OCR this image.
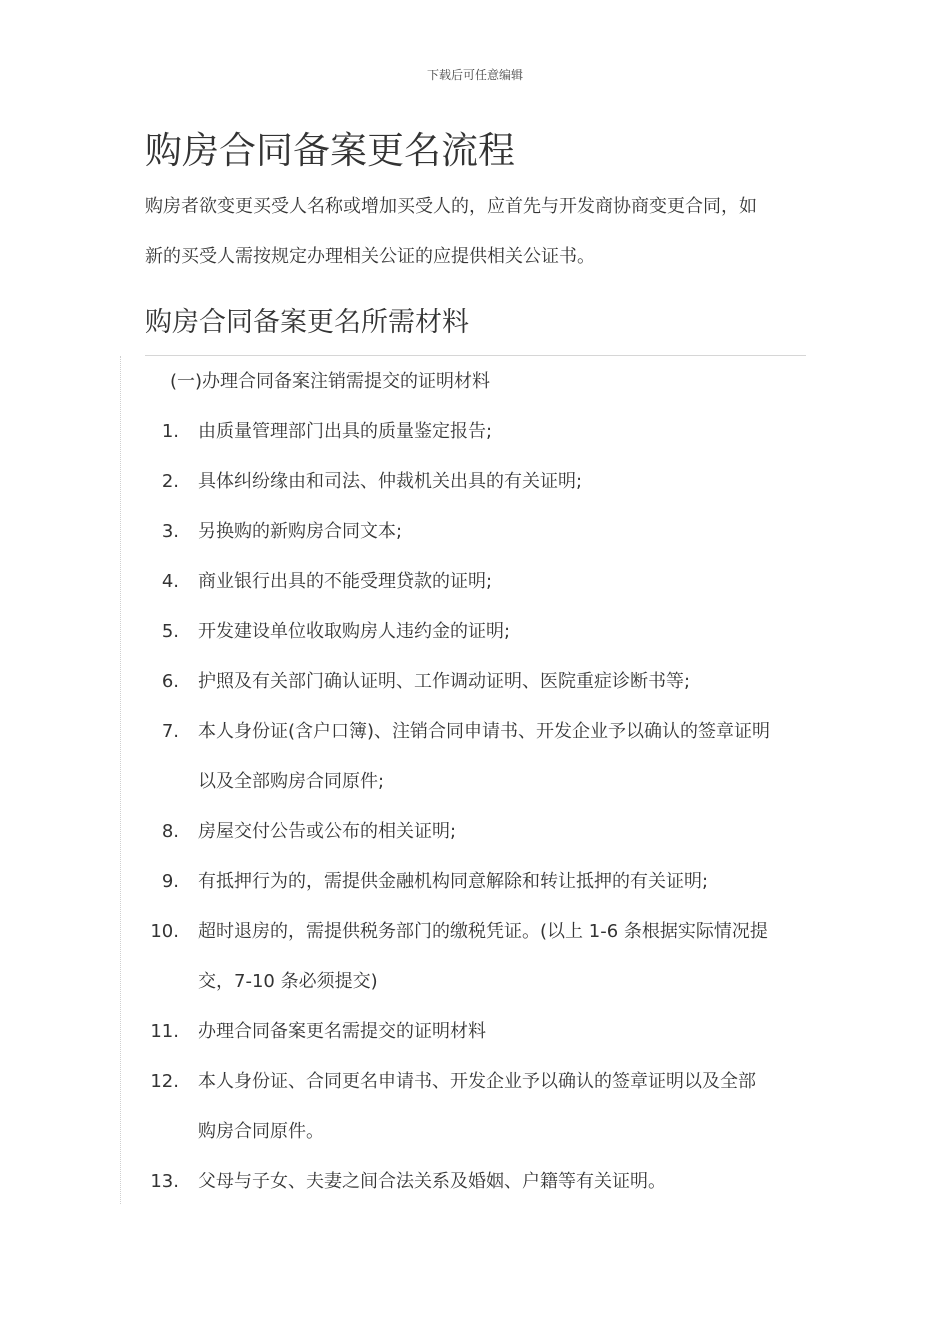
下载后可任意编辑
购房合同备案更名流程
购房者欲变更买受人名称或增加买受人的，应首先与开发商协商变更合同，如
新的买受人需按规定办理相关公证的应提供相关公证书。
购房合同备案更名所需材料

(一)办理合同备案注销需提交的证明材料

1. 由质量管理部门出具的质量鉴定报告;
2. 具体纠纷缘由和司法、仲裁机关出具的有关证明;
3. 另换购的新购房合同文本;
4. 商业银行出具的不能受理贷款的证明;
5. 开发建设单位收取购房人违约金的证明;
6. 护照及有关部门确认证明、工作调动证明、医院重症诊断书等;
7. 本人身份证(含户口簿)、注销合同申请书、开发企业予以确认的签章证明
以及全部购房合同原件;
8. 房屋交付公告或公布的相关证明;
9. 有抵押行为的，需提供金融机构同意解除和转让抵押的有关证明;
10. 超时退房的，需提供税务部门的缴税凭证。(以上 1-6 条根据实际情况提
交，7-10 条必须提交)
11. 办理合同备案更名需提交的证明材料
12. 本人身份证、合同更名申请书、开发企业予以确认的签章证明以及全部
购房合同原件。
13. 父母与子女、夫妻之间合法关系及婚姻、户籍等有关证明。
